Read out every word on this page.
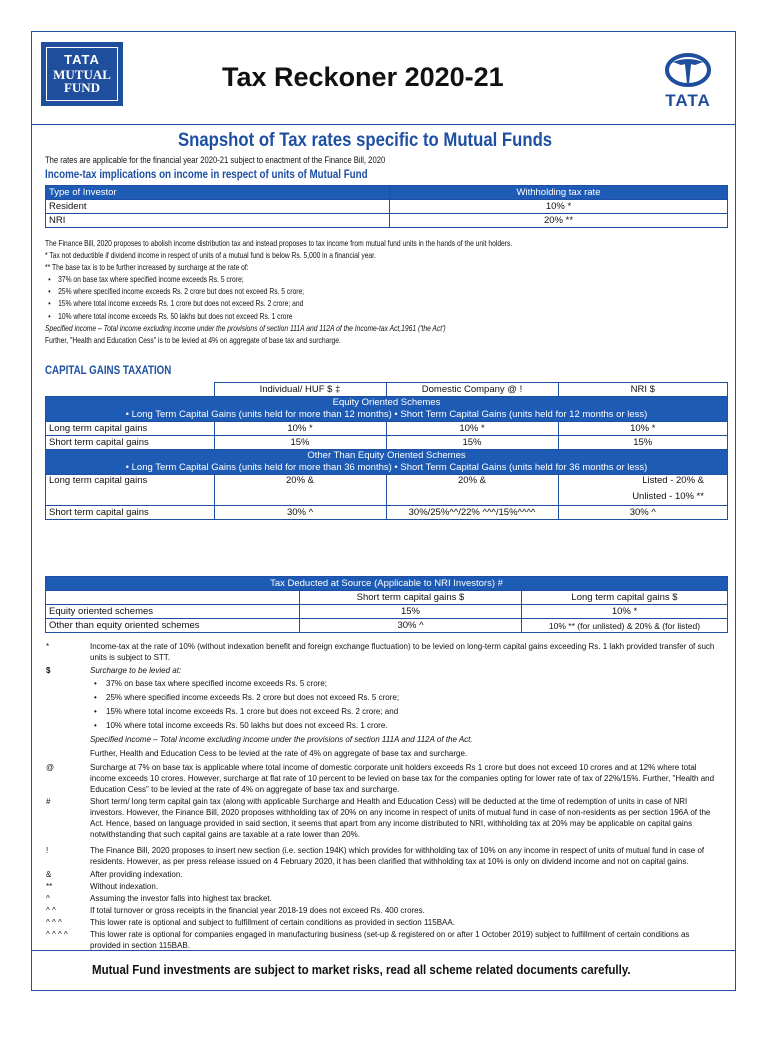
TATA
MUTUAL
FUND	Tax Reckoner 2020-21
TATA
Snapshot of Tax rates specific to Mutual Funds
The rates are applicable for the financial year 2020-21 subject to enactment of the Finance Bill, 2020
Income-tax implications on income in respect of units of Mutual Fund
Type of Investor	Withholding tax rate
Resident	10% *
NRI	20% **
The Finance Bill, 2020 proposes to abolish income distribution tax and instead proposes to tax income from mutual fund units in the hands of the unit holders.
* Tax not deductible if dividend income in respect of units of a mutual fund is below Rs. 5,000 in a financial year.
** The base tax is to be further increased by surcharge at the rate of:
• 37% on base tax where specified income exceeds Rs. 5 crore;
• 25% where specified income exceeds Rs. 2 crore but does not exceed Rs. 5 crore;
• 15% where total income exceeds Rs. 1 crore but does not exceed Rs. 2 crore; and
• 10% where total income exceeds Rs. 50 lakhs but does not exceed Rs. 1 crore
Specified income – Total income excluding income under the provisions of section 111A and 112A of the Income-tax Act,1961 ('the Act')
Further, "Health and Education Cess" is to be levied at 4% on aggregate of base tax and surcharge.
CAPITAL GAINS TAXATION
	Individual/ HUF $ ‡	Domestic Company @ !	NRI $

Equity Oriented Schemes
• Long Term Capital Gains (units held for more than 12 months) • Short Term Capital Gains (units held for 12 months or less)			

Long term capital gains	10% *	10% *	10% *
Short term capital gains	15%	15%	15%

Other Than Equity Oriented Schemes
• Long Term Capital Gains (units held for more than 36 months) • Short Term Capital Gains (units held for 36 months or less)			

Long term capital gains	20% &	20% &	Listed - 20% &
Unlisted - 10% **

Short term capital gains	30% ^	30%/25%^^/22% ^^^/15%^^^^	30% ^
Tax Deducted at Source (Applicable to NRI Investors) #		
	Short term capital gains $	Long term capital gains $
Equity oriented schemes	15%	10% *
Other than equity oriented schemes	30% ^	10% ** (for unlisted) & 20% & (for listed)
*	Income-tax at the rate of 10% (without indexation benefit and foreign exchange fluctuation) to be levied on long-term capital gains exceeding Rs. 1 lakh provided transfer of such units is subject to STT.
$	Surcharge to be levied at:
• 37% on base tax where specified income exceeds Rs. 5 crore;
• 25% where specified income exceeds Rs. 2 crore but does not exceed Rs. 5 crore;
• 15% where total income exceeds Rs. 1 crore but does not exceed Rs. 2 crore; and
• 10% where total income exceeds Rs. 50 lakhs but does not exceed Rs. 1 crore.
Specified income – Total income excluding income under the provisions of section 111A and 112A of the Act.
Further, Health and Education Cess to be levied at the rate of 4% on aggregate of base tax and surcharge.
@	Surcharge at 7% on base tax is applicable where total income of domestic corporate unit holders exceeds Rs 1 crore but does not exceed 10 crores and at 12% where total income exceeds 10 crores. However, surcharge at flat rate of 10 percent to be levied on base tax for the companies opting for lower rate of tax of 22%/15%. Further, "Health and Education Cess" to be levied at the rate of 4% on aggregate of base tax and surcharge.
#	Short term/ long term capital gain tax (along with applicable Surcharge and Health and Education Cess) will be deducted at the time of redemption of units in case of NRI investors. However, the Finance Bill, 2020 proposes withholding tax of 20% on any income in respect of units of mutual fund in case of non-residents as per section 196A of the Act. Hence, based on language provided in said section, it seems that apart from any income distributed to NRI, withholding tax at 20% may be applicable on capital gains notwithstanding that such capital gains are taxable at a rate lower than 20%.
!	The Finance Bill, 2020 proposes to insert new section (i.e. section 194K) which provides for withholding tax of 10% on any income in respect of units of mutual fund in case of residents. However, as per press release issued on 4 February 2020, it has been clarified that withholding tax at 10% is only on dividend income and not on capital gains.
&	After providing indexation.
**	Without indexation.
^	Assuming the investor falls into highest tax bracket.
^ ^	If total turnover or gross receipts in the financial year 2018-19 does not exceed Rs. 400 crores.
^ ^ ^	This lower rate is optional and subject to fulfillment of certain conditions as provided in section 115BAA.
^ ^ ^ ^	This lower rate is optional for companies engaged in manufacturing business (set-up & registered on or after 1 October 2019) subject to fulfillment of certain conditions as provided in section 115BAB.
Mutual Fund investments are subject to market risks, read all scheme related documents carefully.
